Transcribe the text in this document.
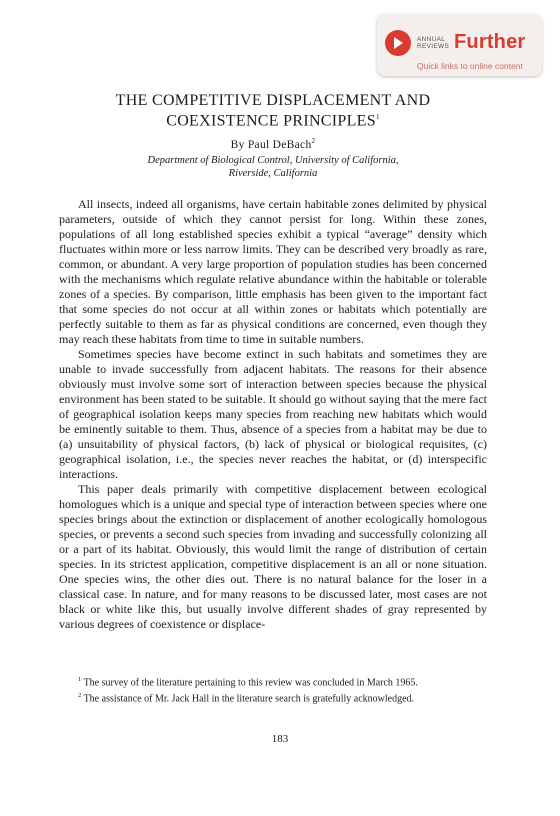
ANNUAL
REVIEWS Further
Quick links to online content
THE COMPETITIVE DISPLACEMENT AND
COEXISTENCE PRINCIPLES$^1$
By Paul DeBach$^2$
Department of Biological Control, University of California,
Riverside, California

All insects, indeed all organisms, have certain habitable zones delimited by physical parameters, outside of which they cannot persist for long. Within these zones, populations of all long established species exhibit a typical “average” density which fluctuates within more or less narrow limits. They can be described very broadly as rare, common, or abundant. A very large proportion of population studies has been concerned with the mechanisms which regulate relative abundance within the habitable or tolerable zones of a species. By comparison, little emphasis has been given to the important fact that some species do not occur at all within zones or habitats which potentially are perfectly suitable to them as far as physical conditions are concerned, even though they may reach these habitats from time to time in suitable numbers.

Sometimes species have become extinct in such habitats and sometimes they are unable to invade successfully from adjacent habitats. The reasons for their absence obviously must involve some sort of interaction between species because the physical environment has been stated to be suitable. It should go without saying that the mere fact of geographical isolation keeps many species from reaching new habitats which would be eminently suitable to them. Thus, absence of a species from a habitat may be due to (a) unsuitability of physical factors, (b) lack of physical or biological requisites, (c) geographical isolation, i.e., the species never reaches the habitat, or (d) interspecific interactions.

This paper deals primarily with competitive displacement between ecological homologues which is a unique and special type of interaction between species where one species brings about the extinction or displacement of another ecologically homologous species, or prevents a second such species from invading and successfully colonizing all or a part of its habitat. Obviously, this would limit the range of distribution of certain species. In its strictest application, competitive displacement is an all or none situation. One species wins, the other dies out. There is no natural balance for the loser in a classical case. In nature, and for many reasons to be discussed later, most cases are not black or white like this, but usually involve different shades of gray represented by various degrees of coexistence or displace-

$^1$ The survey of the literature pertaining to this review was concluded in March 1965.

$^2$ The assistance of Mr. Jack Hall in the literature search is gratefully acknowledged.

183
